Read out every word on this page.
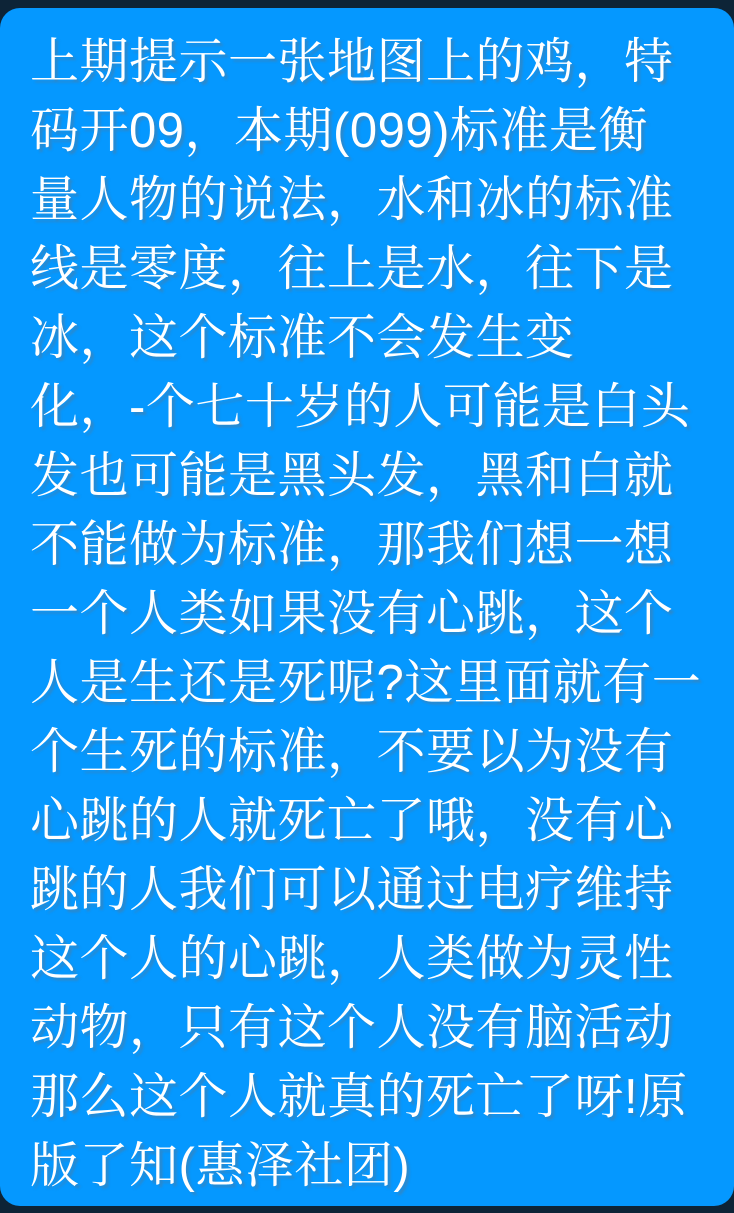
上期提示一张地图上的鸡，特
码开09，本期(099)标准是衡
量人物的说法，水和冰的标准
线是零度，往上是水，往下是
冰，这个标准不会发生变
化，-个七十岁的人可能是白头
发也可能是黑头发，黑和白就
不能做为标准，那我们想一想
一个人类如果没有心跳，这个
人是生还是死呢?这里面就有一
个生死的标准，不要以为没有
心跳的人就死亡了哦，没有心
跳的人我们可以通过电疗维持
这个人的心跳，人类做为灵性
动物，只有这个人没有脑活动
那么这个人就真的死亡了呀!原
版了知(惠泽社团)
